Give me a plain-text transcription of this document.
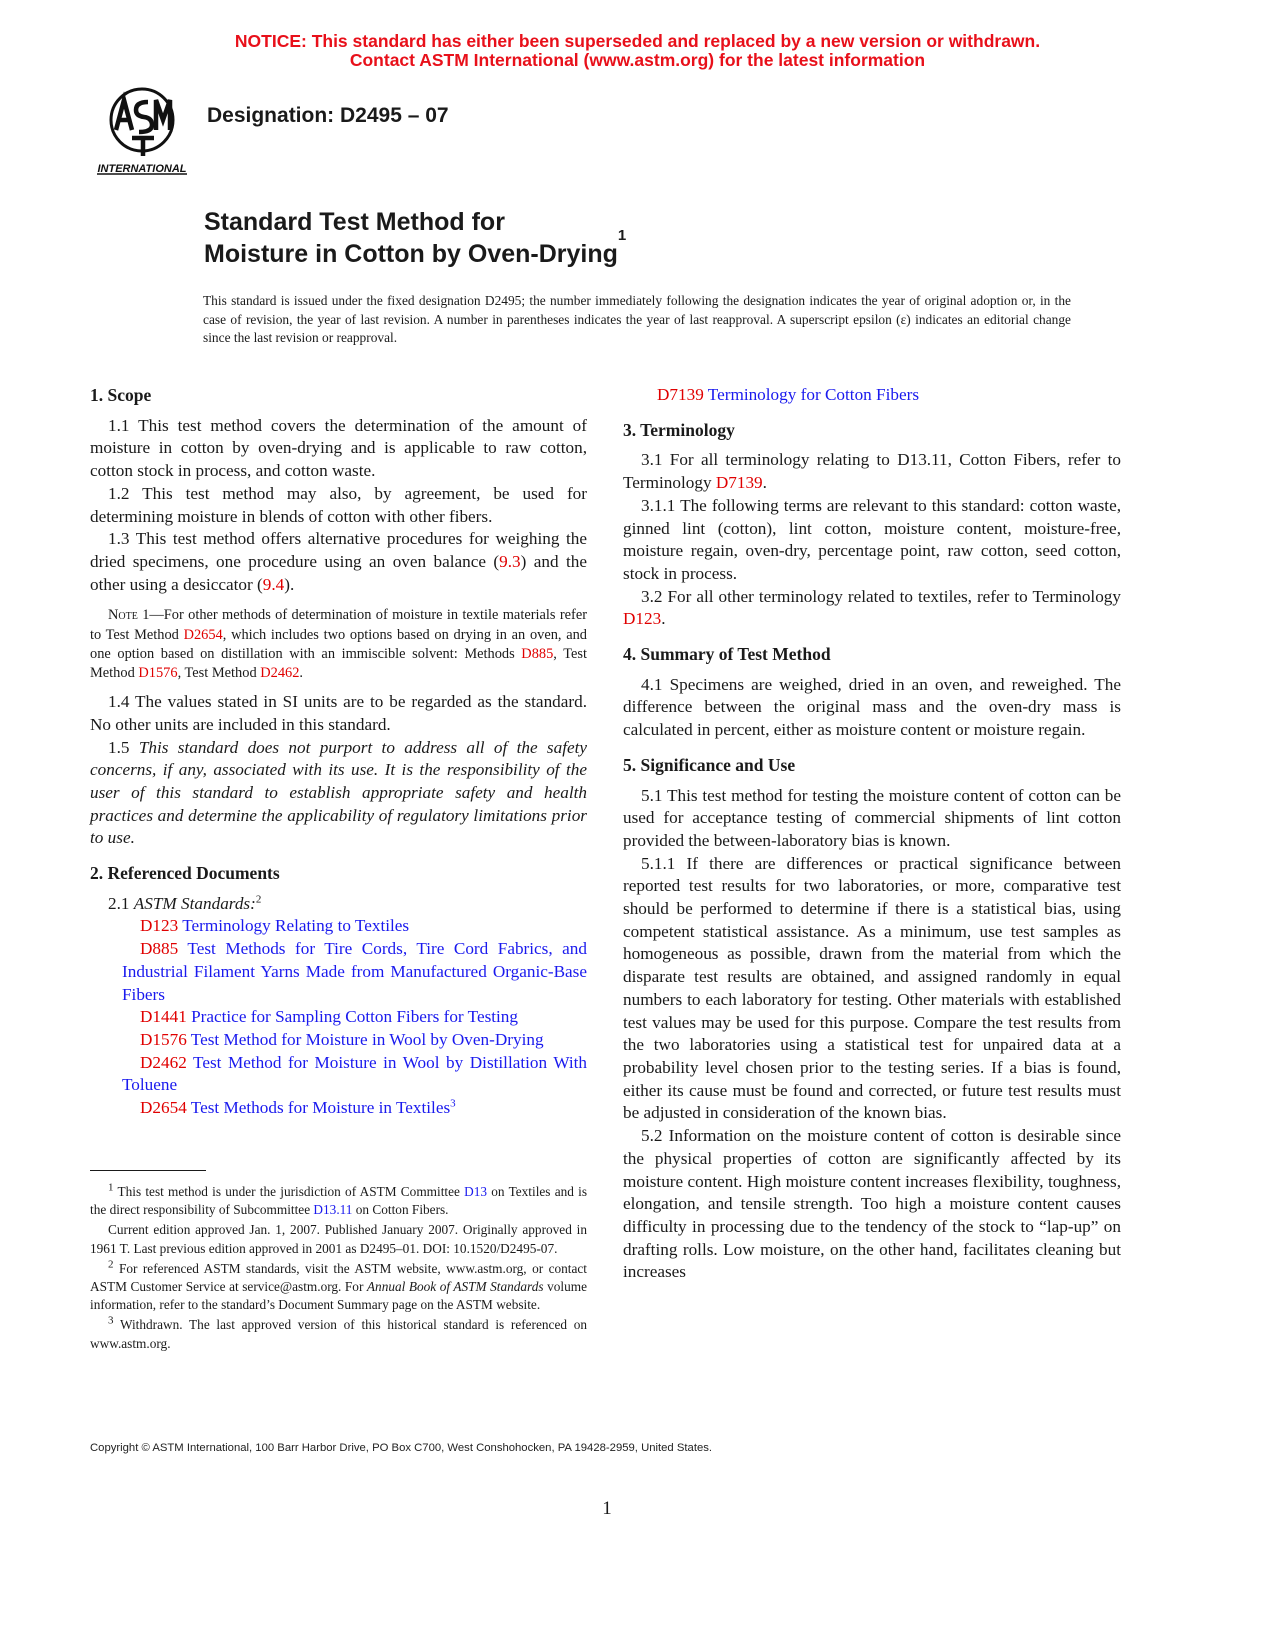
NOTICE: This standard has either been superseded and replaced by a new version or withdrawn.
Contact ASTM International (www.astm.org) for the latest information
INTERNATIONAL
Designation: D2495 – 07
Standard Test Method for
Moisture in Cotton by Oven-Drying$^1$
This standard is issued under the fixed designation D2495; the number immediately following the designation indicates the year of original adoption or, in the case of revision, the year of last revision. A number in parentheses indicates the year of last reapproval. A superscript epsilon (ε) indicates an editorial change since the last revision or reapproval.
1. Scope

1.1 This test method covers the determination of the amount of moisture in cotton by oven-drying and is applicable to raw cotton, cotton stock in process, and cotton waste.

1.2 This test method may also, by agreement, be used for determining moisture in blends of cotton with other fibers.

1.3 This test method offers alternative procedures for weighing the dried specimens, one procedure using an oven balance (9.3) and the other using a desiccator (9.4).

Note 1—For other methods of determination of moisture in textile materials refer to Test Method D2654, which includes two options based on drying in an oven, and one option based on distillation with an immiscible solvent: Methods D885, Test Method D1576, Test Method D2462.

1.4 The values stated in SI units are to be regarded as the standard. No other units are included in this standard.

1.5 This standard does not purport to address all of the safety concerns, if any, associated with its use. It is the responsibility of the user of this standard to establish appropriate safety and health practices and determine the applicability of regulatory limitations prior to use.

2. Referenced Documents

2.1 ASTM Standards:$^2$

D123 Terminology Relating to Textiles

D885 Test Methods for Tire Cords, Tire Cord Fabrics, and Industrial Filament Yarns Made from Manufactured Organic-Base Fibers

D1441 Practice for Sampling Cotton Fibers for Testing

D1576 Test Method for Moisture in Wool by Oven-Drying

D2462 Test Method for Moisture in Wool by Distillation With Toluene

D2654 Test Methods for Moisture in Textiles$^3$

$^1$ This test method is under the jurisdiction of ASTM Committee D13 on Textiles and is the direct responsibility of Subcommittee D13.11 on Cotton Fibers.

Current edition approved Jan. 1, 2007. Published January 2007. Originally approved in 1961 T. Last previous edition approved in 2001 as D2495–01. DOI: 10.1520/D2495-07.

$^2$ For referenced ASTM standards, visit the ASTM website, www.astm.org, or contact ASTM Customer Service at service@astm.org. For Annual Book of ASTM Standards volume information, refer to the standard’s Document Summary page on the ASTM website.

$^3$ Withdrawn. The last approved version of this historical standard is referenced on www.astm.org.

D7139 Terminology for Cotton Fibers

3. Terminology

3.1 For all terminology relating to D13.11, Cotton Fibers, refer to Terminology D7139.

3.1.1 The following terms are relevant to this standard: cotton waste, ginned lint (cotton), lint cotton, moisture content, moisture-free, moisture regain, oven-dry, percentage point, raw cotton, seed cotton, stock in process.

3.2 For all other terminology related to textiles, refer to Terminology D123.

4. Summary of Test Method

4.1 Specimens are weighed, dried in an oven, and reweighed. The difference between the original mass and the oven-dry mass is calculated in percent, either as moisture content or moisture regain.

5. Significance and Use

5.1 This test method for testing the moisture content of cotton can be used for acceptance testing of commercial shipments of lint cotton provided the between-laboratory bias is known.

5.1.1 If there are differences or practical significance between reported test results for two laboratories, or more, comparative test should be performed to determine if there is a statistical bias, using competent statistical assistance. As a minimum, use test samples as homogeneous as possible, drawn from the material from which the disparate test results are obtained, and assigned randomly in equal numbers to each laboratory for testing. Other materials with established test values may be used for this purpose. Compare the test results from the two laboratories using a statistical test for unpaired data at a probability level chosen prior to the testing series. If a bias is found, either its cause must be found and corrected, or future test results must be adjusted in consideration of the known bias.

5.2 Information on the moisture content of cotton is desirable since the physical properties of cotton are significantly affected by its moisture content. High moisture content increases flexibility, toughness, elongation, and tensile strength. Too high a moisture content causes difficulty in processing due to the tendency of the stock to “lap-up” on drafting rolls. Low moisture, on the other hand, facilitates cleaning but increases

Copyright © ASTM International, 100 Barr Harbor Drive, PO Box C700, West Conshohocken, PA 19428-2959, United States.
1
